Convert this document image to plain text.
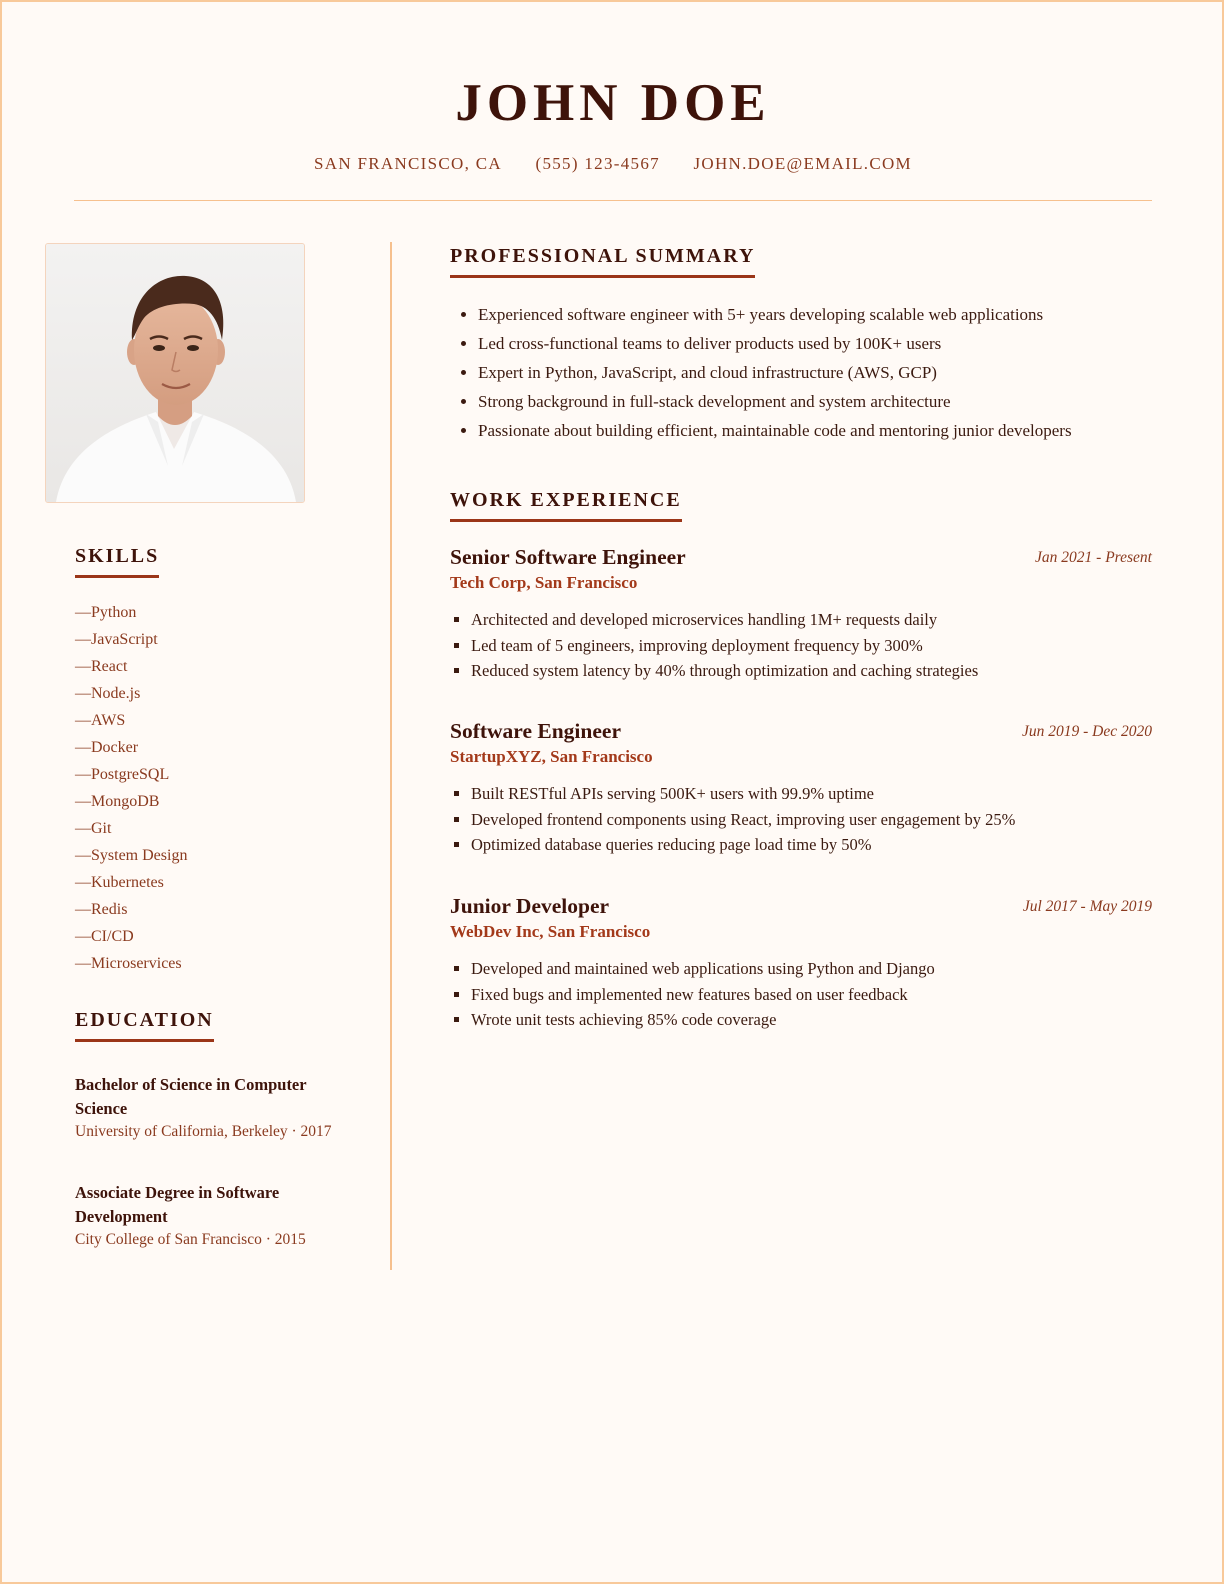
JOHN DOE
SAN FRANCISCO, CA (555) 123-4567 JOHN.DOE@EMAIL.COM
SKILLS
—Python
—JavaScript
—React
—Node.js
—AWS
—Docker
—PostgreSQL
—MongoDB
—Git
—System Design
—Kubernetes
—Redis
—CI/CD
—Microservices
EDUCATION
Bachelor of Science in Computer Science
University of California, Berkeley · 2017
Associate Degree in Software Development
City College of San Francisco · 2015
PROFESSIONAL SUMMARY
• Experienced software engineer with 5+ years developing scalable web applications
• Led cross-functional teams to deliver products used by 100K+ users
• Expert in Python, JavaScript, and cloud infrastructure (AWS, GCP)
• Strong background in full-stack development and system architecture
• Passionate about building efficient, maintainable code and mentoring junior developers
WORK EXPERIENCE
Senior Software Engineer	Jan 2021 - Present
Tech Corp, San Francisco
▪ Architected and developed microservices handling 1M+ requests daily
▪ Led team of 5 engineers, improving deployment frequency by 300%
▪ Reduced system latency by 40% through optimization and caching strategies
Software Engineer	Jun 2019 - Dec 2020
StartupXYZ, San Francisco
▪ Built RESTful APIs serving 500K+ users with 99.9% uptime
▪ Developed frontend components using React, improving user engagement by 25%
▪ Optimized database queries reducing page load time by 50%
Junior Developer	Jul 2017 - May 2019
WebDev Inc, San Francisco
▪ Developed and maintained web applications using Python and Django
▪ Fixed bugs and implemented new features based on user feedback
▪ Wrote unit tests achieving 85% code coverage
